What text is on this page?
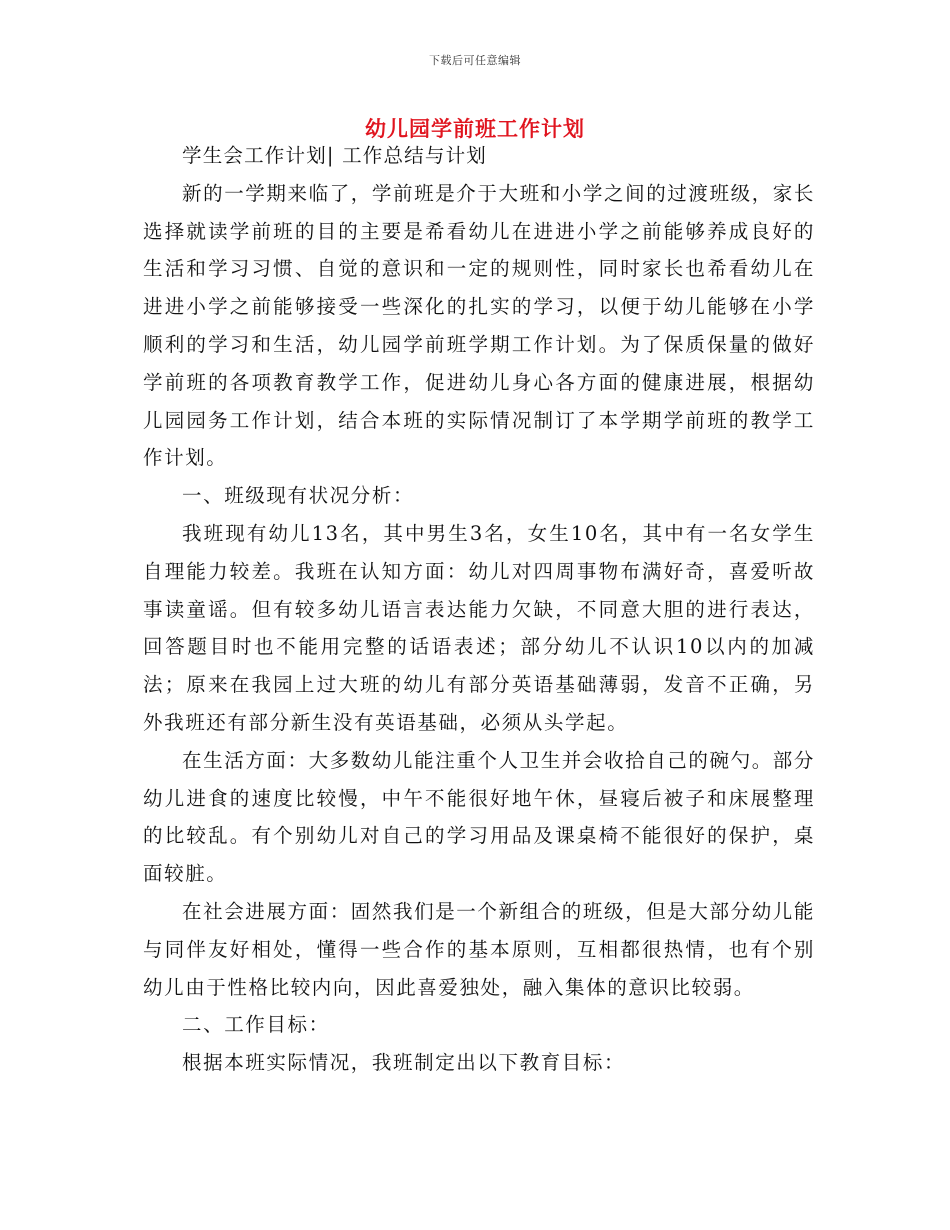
下载后可任意编辑
幼儿园学前班工作计划

学生会工作计划| 工作总结与计划

新的一学期来临了，学前班是介于大班和小学之间的过渡班级，家长选择就读学前班的目的主要是希看幼儿在进进小学之前能够养成良好的生活和学习习惯、自觉的意识和一定的规则性，同时家长也希看幼儿在进进小学之前能够接受一些深化的扎实的学习，以便于幼儿能够在小学顺利的学习和生活，幼儿园学前班学期工作计划。为了保质保量的做好学前班的各项教育教学工作，促进幼儿身心各方面的健康进展，根据幼儿园园务工作计划，结合本班的实际情况制订了本学期学前班的教学工作计划。

一、班级现有状况分析：

我班现有幼儿13名，其中男生3名，女生10名，其中有一名女学生自理能力较差。我班在认知方面：幼儿对四周事物布满好奇，喜爱听故事读童谣。但有较多幼儿语言表达能力欠缺，不同意大胆的进行表达，回答题目时也不能用完整的话语表述；部分幼儿不认识10以内的加减法；原来在我园上过大班的幼儿有部分英语基础薄弱，发音不正确，另外我班还有部分新生没有英语基础，必须从头学起。

在生活方面：大多数幼儿能注重个人卫生并会收拾自己的碗勺。部分幼儿进食的速度比较慢，中午不能很好地午休，昼寝后被子和床展整理的比较乱。有个别幼儿对自己的学习用品及课桌椅不能很好的保护，桌面较脏。

在社会进展方面：固然我们是一个新组合的班级，但是大部分幼儿能与同伴友好相处，懂得一些合作的基本原则，互相都很热情，也有个别幼儿由于性格比较内向，因此喜爱独处，融入集体的意识比较弱。

二、工作目标：

根据本班实际情况，我班制定出以下教育目标：
